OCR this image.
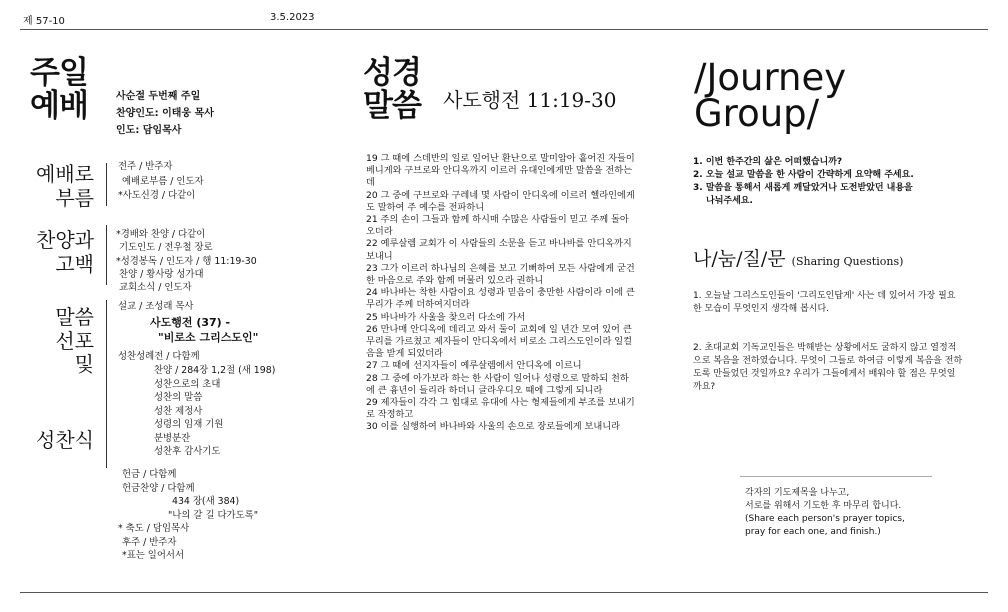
제 57-10	3.5.2023
주일
예배	사순절 두번째 주일
찬양인도: 이태웅 목사
인도: 담임목사
예배로
부름
찬양과
고백
말씀
선포
및
성찬식
전주 / 반주자
예배로부름 / 인도자
*사도신경 / 다같이
*경배와 찬양 / 다같이
기도인도 / 전우철 장로
*성경봉독 / 인도자 / 행 11:19-30
찬양 / 황사랑 성가대
교회소식 / 인도자
설교 / 조성래 목사
사도행전 (37) -
"비로소 그리스도인"
성찬성례전 / 다함께
찬양 / 284장 1,2절 (새 198)
성찬으로의 초대
성찬의 말씀
성찬 제정사
성령의 임재 기원
분병분잔
성찬후 감사기도
헌금 / 다함께
헌금찬양 / 다함께
434 장(새 384)
"나의 갈 길 다가도록"
* 축도 / 담임목사
후주 / 반주자
*표는 일어서서
성경
말씀 사도행전 11:19-30
19 그 때에 스데반의 일로 일어난 환난으로 말미암아 흩어진 자들이 베니게와 구브로와 안디옥까지 이르러 유대인에게만 말씀을 전하는데
20 그 중에 구브로와 구레네 몇 사람이 안디옥에 이르러 헬라인에게도 말하여 주 예수를 전파하니
21 주의 손이 그들과 함께 하시매 수많은 사람들이 믿고 주께 돌아오더라
22 예루살렘 교회가 이 사람들의 소문을 듣고 바나바를 안디옥까지 보내니
23 그가 이르러 하나님의 은혜를 보고 기뻐하여 모든 사람에게 굳건한 마음으로 주와 함께 머물러 있으라 권하니
24 바나바는 착한 사람이요 성령과 믿음이 충만한 사람이라 이에 큰 무리가 주께 더하여지더라
25 바나바가 사울을 찾으러 다소에 가서
26 만나매 안디옥에 데리고 와서 둘이 교회에 일 년간 모여 있어 큰 무리를 가르쳤고 제자들이 안디옥에서 비로소 그리스도인이라 일컬음을 받게 되었더라
27 그 때에 선지자들이 예루살렘에서 안디옥에 이르니
28 그 중에 아가보라 하는 한 사람이 일어나 성령으로 말하되 천하에 큰 흉년이 들리라 하더니 글라우디오 때에 그렇게 되니라
29 제자들이 각각 그 힘대로 유대에 사는 형제들에게 부조를 보내기로 작정하고
30 이를 실행하여 바나바와 사울의 손으로 장로들에게 보내니라
/Journey
Group/
1. 이번 한주간의 삶은 어떠했습니까?
2. 오늘 설교 말씀을 한 사람이 간략하게 요약해 주세요.
3. 말씀을 통해서 새롭게 깨달았거나 도전받았던 내용을
나눠주세요.
나/눔/질/문 (Sharing Questions)
1. 오늘날 그리스도인들이 '그리도인답게' 사는 데 있어서 가장 필요한 모습이 무엇인지 생각해 봅시다.
2. 초대교회 기독교인들은 박해받는 상황에서도 굴하지 않고 열정적으로 복음을 전하였습니다. 무엇이 그들로 하여금 이렇게 복음을 전하도록 만들었던 것일까요? 우리가 그들에게서 배워야 할 점은 무엇일까요?
각자의 기도제목을 나누고,
서로를 위해서 기도한 후 마무리 합니다.
(Share each person's prayer topics,
pray for each one, and finish.)
